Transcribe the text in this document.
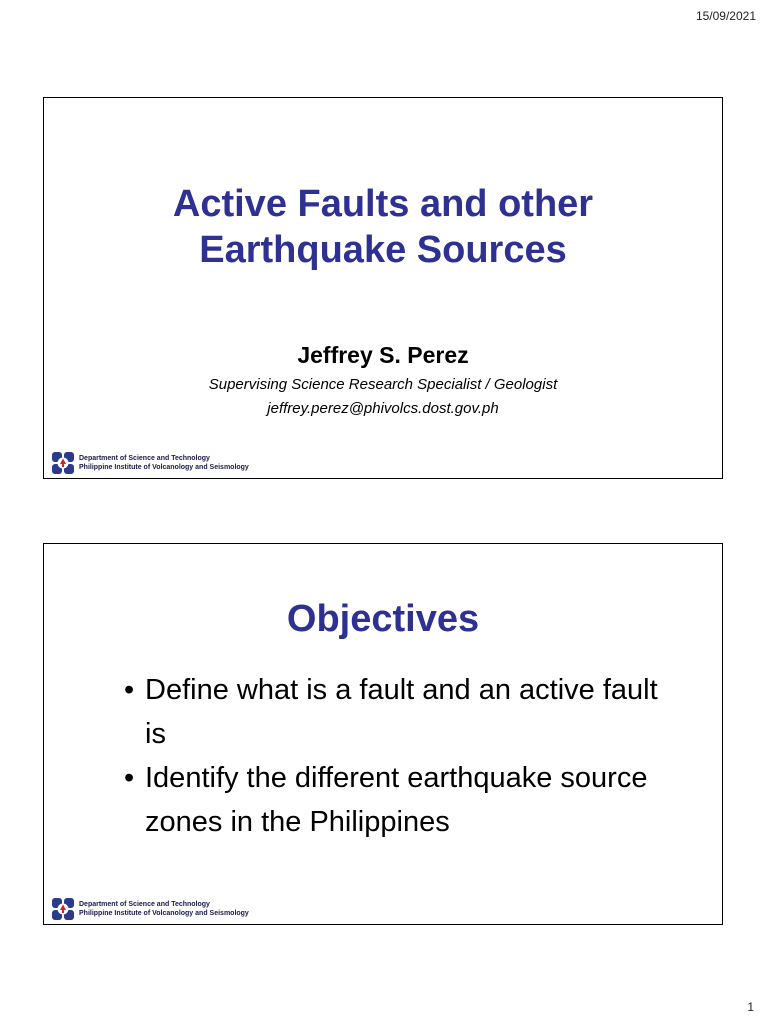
15/09/2021
Active Faults and other
Earthquake Sources
Jeffrey S. Perez
Supervising Science Research Specialist / Geologist
jeffrey.perez@phivolcs.dost.gov.ph
Department of Science and Technology
Philippine Institute of Volcanology and Seismology
Objectives
• Define what is a fault and an active fault is
• Identify the different earthquake source zones in the Philippines
Department of Science and Technology
Philippine Institute of Volcanology and Seismology
1
